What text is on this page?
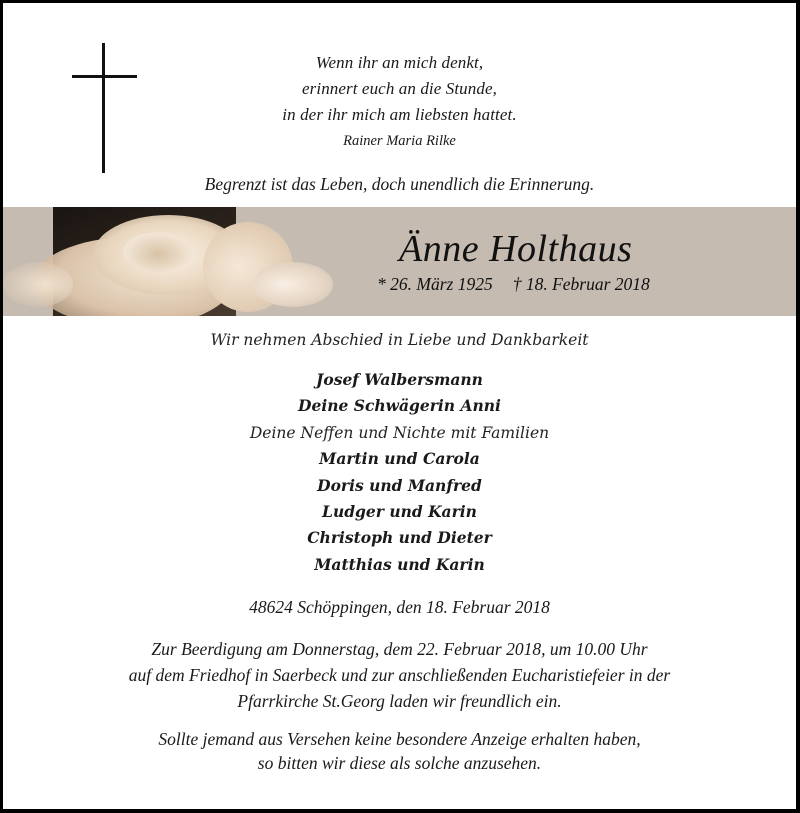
Wenn ihr an mich denkt,
erinnert euch an die Stunde,
in der ihr mich am liebsten hattet.
Rainer Maria Rilke
Begrenzt ist das Leben, doch unendlich die Erinnerung.
Änne Holthaus
* 26. März 1925 † 18. Februar 2018
Wir nehmen Abschied in Liebe und Dankbarkeit
Josef Walbersmann
Deine Schwägerin Anni
Deine Neffen und Nichte mit Familien
Martin und Carola
Doris und Manfred
Ludger und Karin
Christoph und Dieter
Matthias und Karin
48624 Schöppingen, den 18. Februar 2018
Zur Beerdigung am Donnerstag, dem 22. Februar 2018, um 10.00 Uhr
auf dem Friedhof in Saerbeck und zur anschließenden Eucharistiefeier in der
Pfarrkirche St.Georg laden wir freundlich ein.
Sollte jemand aus Versehen keine besondere Anzeige erhalten haben,
so bitten wir diese als solche anzusehen.
